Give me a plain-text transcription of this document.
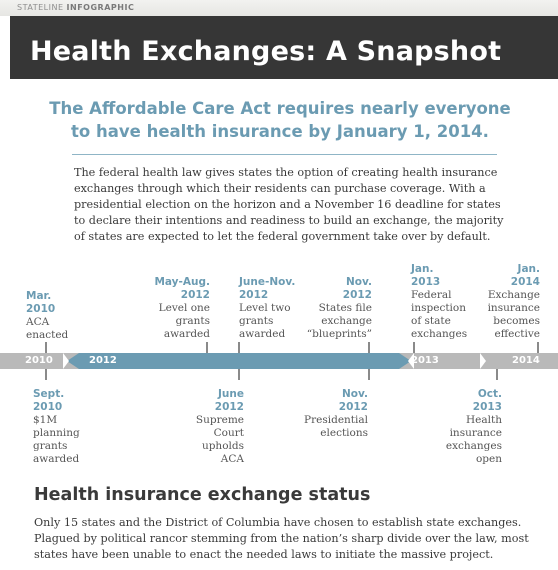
STATELINE INFOGRAPHIC
Health Exchanges: A Snapshot
The Affordable Care Act requires nearly everyone to have health insurance by January 1, 2014.
The federal health law gives states the option of creating health insurance exchanges through which their residents can purchase coverage. With a presidential election on the horizon and a November 16 deadline for states to declare their intentions and readiness to build an exchange, the majority of states are expected to let the federal government take over by default.
2010	2012	2013	2014
Mar.
2010
ACA
enacted
May-Aug.
2012
Level one
grants
awarded
June-Nov.
2012
Level two
grants
awarded
Nov.
2012
States file
exchange
“blueprints”
Jan.
2013
Federal
inspection
of state
exchanges
Jan.
2014
Exchange
insurance
becomes
effective
Sept.
2010
$1M
planning
grants
awarded
June
2012
Supreme
Court
upholds
ACA
Nov.
2012
Presidential
elections
Oct.
2013
Health
insurance
exchanges
open
Health insurance exchange status
Only 15 states and the District of Columbia have chosen to establish state exchanges. Plagued by political rancor stemming from the nation’s sharp divide over the law, most states have been unable to enact the needed laws to initiate the massive project.
